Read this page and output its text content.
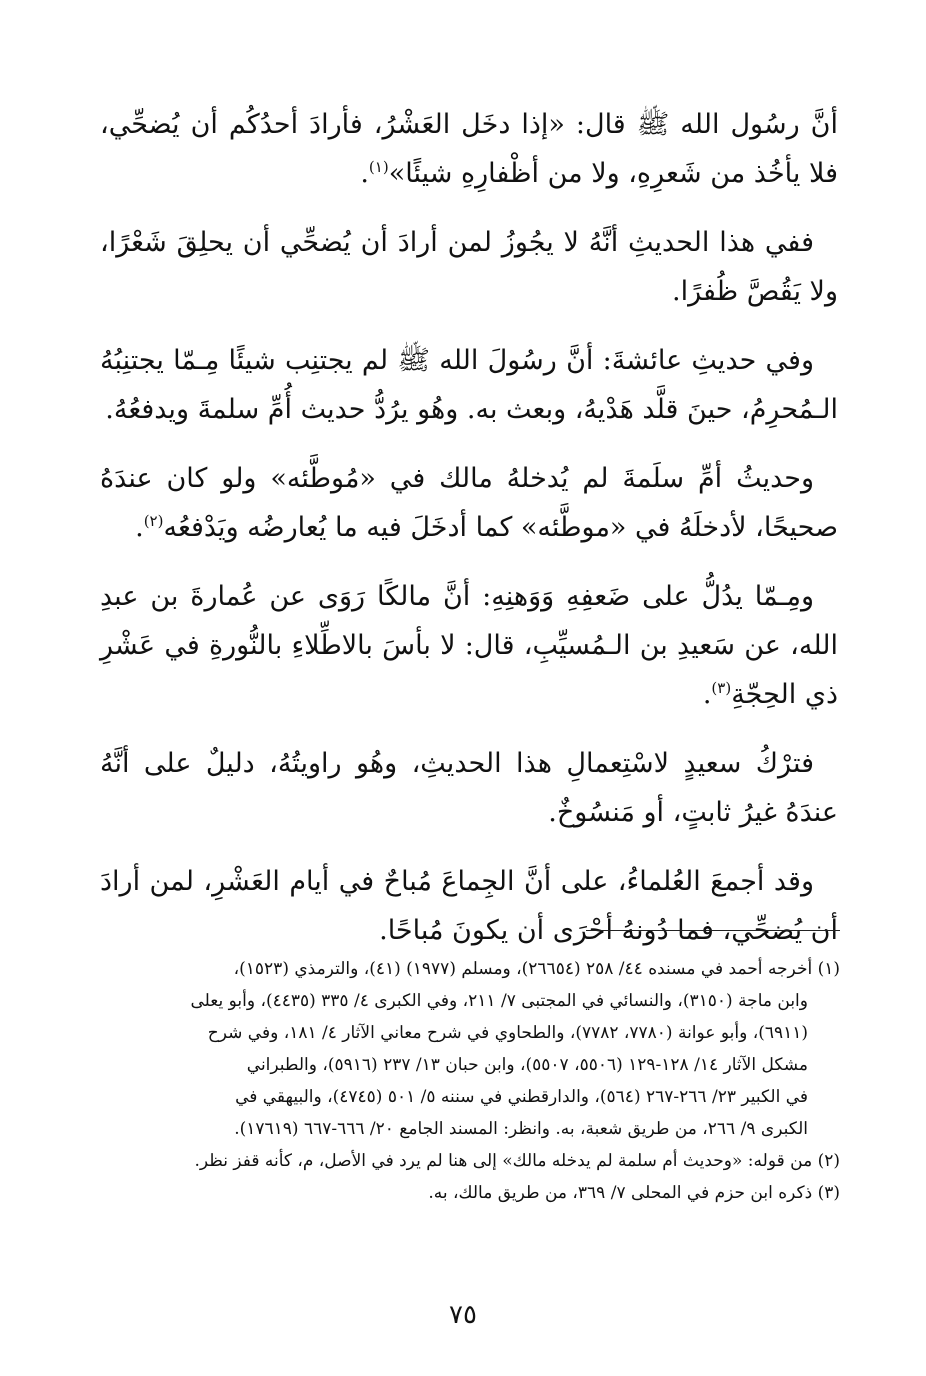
أنَّ رسُول الله ﷺ قال: «إذا دخَل العَشْرُ، فأرادَ أحدُكُم أن يُضحِّي، فلا يأخُذ من شَعرِهِ، ولا من أظْفارِهِ شيئًا»$^{(١)}$.

ففي هذا الحديثِ أنَّهُ لا يجُوزُ لمن أرادَ أن يُضحِّي أن يحلِقَ شَعْرًا، ولا يَقُصَّ ظُفرًا.

وفي حديثِ عائشةَ: أنَّ رسُولَ الله ﷺ لم يجتنِب شيئًا مِـمّا يجتنِبُهُ الـمُحرِمُ، حينَ قلَّد هَدْيهُ، وبعث به. وهُو يرُدُّ حديث أُمِّ سلمةَ ويدفعُهُ.

وحديثُ أمِّ سلَمةَ لم يُدخلهُ مالك في «مُوطَّئه» ولو كان عندَهُ صحيحًا، لأدخلَهُ في «موطَّئه» كما أدخَلَ فيه ما يُعارضُه ويَدْفعُه$^{(٢)}$.

ومِـمّا يدُلُّ على ضَعفِهِ وَوَهنِهِ: أنَّ مالكًا رَوَى عن عُمارةَ بن عبدِ الله، عن سَعيدِ بن الـمُسيِّبِ، قال: لا بأسَ بالاطِّلاءِ بالنُّورةِ في عَشْرِ ذي الحِجّةِ$^{(٣)}$.

فترْكُ سعيدٍ لاسْتِعمالِ هذا الحديثِ، وهُو راويتُهُ، دليلٌ على أنَّهُ عندَهُ غيرُ ثابتٍ، أو مَنسُوخٌ.

وقد أجمعَ العُلماءُ، على أنَّ الجِماعَ مُباحٌ في أيام العَشْرِ، لمن أرادَ أن يُضحِّي، فما دُونهُ أحْرَى أن يكونَ مُباحًا.

(١) أخرجه أحمد في مسنده ٤٤/ ٢٥٨ (٢٦٦٥٤)، ومسلم (١٩٧٧) (٤١)، والترمذي (١٥٢٣)،

وابن ماجة (٣١٥٠)، والنسائي في المجتبى ٧/ ٢١١، وفي الكبرى ٤/ ٣٣٥ (٤٤٣٥)، وأبو يعلى

(٦٩١١)، وأبو عوانة (٧٧٨٠، ٧٧٨٢)، والطحاوي في شرح معاني الآثار ٤/ ١٨١، وفي شرح

مشكل الآثار ١٤/ ١٢٨-١٢٩ (٥٥٠٦، ٥٥٠٧)، وابن حبان ١٣/ ٢٣٧ (٥٩١٦)، والطبراني

في الكبير ٢٣/ ٢٦٦-٢٦٧ (٥٦٤)، والدارقطني في سننه ٥/ ٥٠١ (٤٧٤٥)، والبيهقي في

الكبرى ٩/ ٢٦٦، من طريق شعبة، به. وانظر: المسند الجامع ٢٠/ ٦٦٦-٦٦٧ (١٧٦١٩).

(٢) من قوله: «وحديث أم سلمة لم يدخله مالك» إلى هنا لم يرد في الأصل، م، كأنه قفز نظر.

(٣) ذكره ابن حزم في المحلى ٧/ ٣٦٩، من طريق مالك، به.

٧٥
